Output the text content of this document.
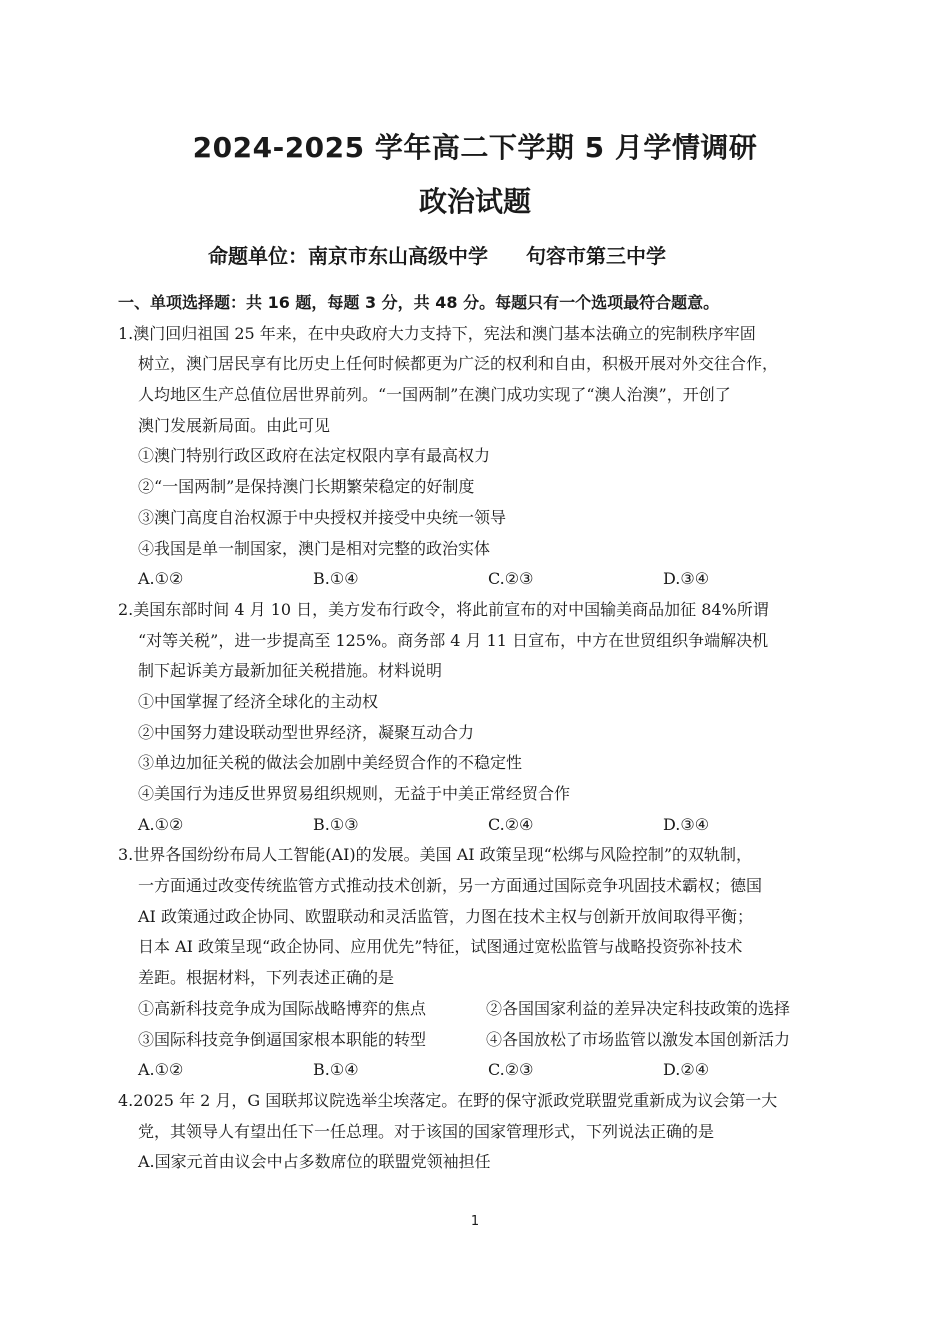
2024-2025 学年高二下学期 5 月学情调研
政治试题
命题单位：南京市东山高级中学 句容市第三中学
一、单项选择题：共 16 题，每题 3 分，共 48 分。每题只有一个选项最符合题意。
1.澳门回归祖国 25 年来，在中央政府大力支持下，宪法和澳门基本法确立的宪制秩序牢固
树立，澳门居民享有比历史上任何时候都更为广泛的权利和自由，积极开展对外交往合作，
人均地区生产总值位居世界前列。“一国两制”在澳门成功实现了“澳人治澳”，开创了
澳门发展新局面。由此可见
①澳门特别行政区政府在法定权限内享有最高权力
②“一国两制”是保持澳门长期繁荣稳定的好制度
③澳门高度自治权源于中央授权并接受中央统一领导
④我国是单一制国家，澳门是相对完整的政治实体
A.①②	B.①④	C.②③	D.③④
2.美国东部时间 4 月 10 日，美方发布行政令，将此前宣布的对中国输美商品加征 84%所谓
“对等关税”，进一步提高至 125%。商务部 4 月 11 日宣布，中方在世贸组织争端解决机
制下起诉美方最新加征关税措施。材料说明
①中国掌握了经济全球化的主动权
②中国努力建设联动型世界经济，凝聚互动合力
③单边加征关税的做法会加剧中美经贸合作的不稳定性
④美国行为违反世界贸易组织规则，无益于中美正常经贸合作
A.①②	B.①③	C.②④	D.③④
3.世界各国纷纷布局人工智能(AI)的发展。美国 AI 政策呈现“松绑与风险控制”的双轨制，
一方面通过改变传统监管方式推动技术创新，另一方面通过国际竞争巩固技术霸权；德国
AI 政策通过政企协同、欧盟联动和灵活监管，力图在技术主权与创新开放间取得平衡；
日本 AI 政策呈现“政企协同、应用优先”特征，试图通过宽松监管与战略投资弥补技术
差距。根据材料，下列表述正确的是
①高新科技竞争成为国际战略博弈的焦点	②各国国家利益的差异决定科技政策的选择
③国际科技竞争倒逼国家根本职能的转型	④各国放松了市场监管以激发本国创新活力
A.①②	B.①④	C.②③	D.②④
4.2025 年 2 月，G 国联邦议院选举尘埃落定。在野的保守派政党联盟党重新成为议会第一大
党，其领导人有望出任下一任总理。对于该国的国家管理形式，下列说法正确的是
A.国家元首由议会中占多数席位的联盟党领袖担任
1
